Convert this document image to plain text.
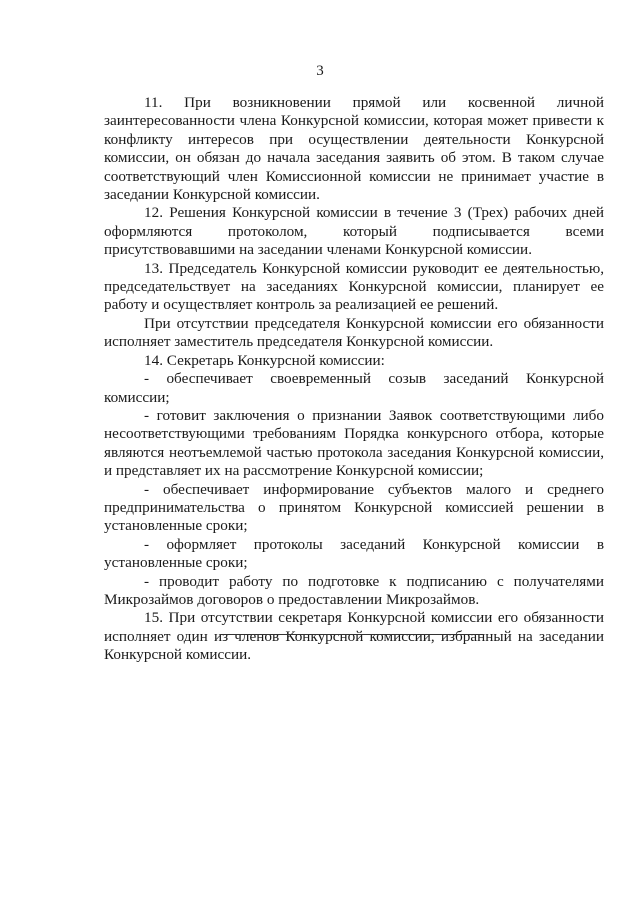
3

11. При возникновении прямой или косвенной личной заинтересованности члена Конкурсной комиссии, которая может привести к конфликту интересов при осуществлении деятельности Конкурсной комиссии, он обязан до начала заседания заявить об этом. В таком случае соответствующий член Комиссионной комиссии не принимает участие в заседании Конкурсной комиссии.

12. Решения Конкурсной комиссии в течение 3 (Трех) рабочих дней оформляются протоколом, который подписывается всеми присутствовавшими на заседании членами Конкурсной комиссии.

13. Председатель Конкурсной комиссии руководит ее деятельностью, председательствует на заседаниях Конкурсной комиссии, планирует ее работу и осуществляет контроль за реализацией ее решений.

При отсутствии председателя Конкурсной комиссии его обязанности исполняет заместитель председателя Конкурсной комиссии.

14. Секретарь Конкурсной комиссии:

- обеспечивает своевременный созыв заседаний Конкурсной комиссии;

- готовит заключения о признании Заявок соответствующими либо несоответствующими требованиям Порядка конкурсного отбора, которые являются неотъемлемой частью протокола заседания Конкурсной комиссии, и представляет их на рассмотрение Конкурсной комиссии;

- обеспечивает информирование субъектов малого и среднего предпринимательства о принятом Конкурсной комиссией решении в установленные сроки;

- оформляет протоколы заседаний Конкурсной комиссии в установленные сроки;

- проводит работу по подготовке к подписанию с получателями Микрозаймов договоров о предоставлении Микрозаймов.

15. При отсутствии секретаря Конкурсной комиссии его обязанности исполняет один из членов Конкурсной комиссии, избранный на заседании Конкурсной комиссии.
